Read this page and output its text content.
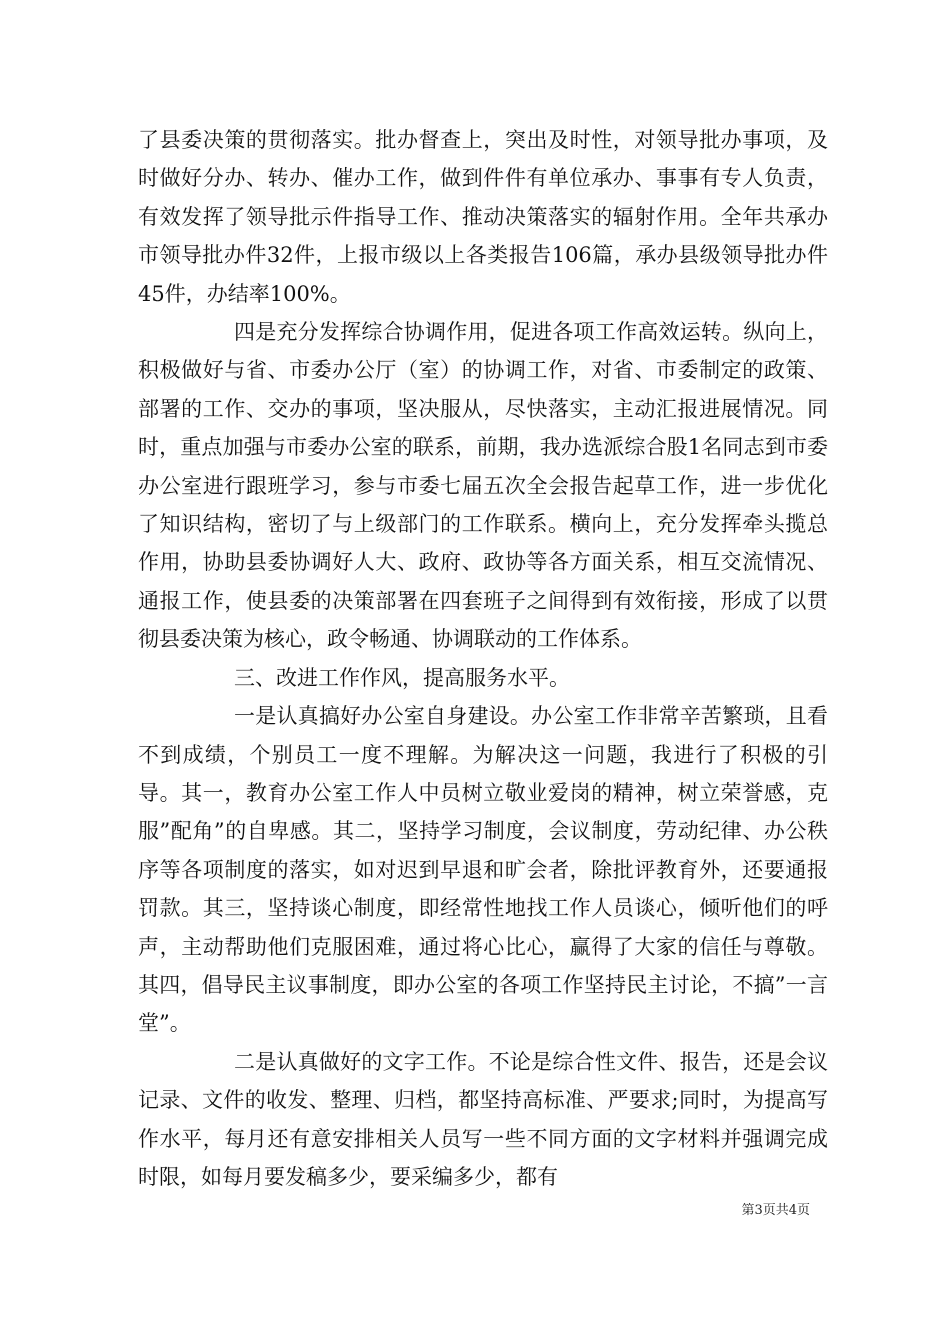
了县委决策的贯彻落实。批办督查上，突出及时性，对领导批办事项，及时做好分办、转办、催办工作，做到件件有单位承办、事事有专人负责，有效发挥了领导批示件指导工作、推动决策落实的辐射作用。全年共承办市领导批办件32件，上报市级以上各类报告106篇，承办县级领导批办件45件，办结率100%。

四是充分发挥综合协调作用，促进各项工作高效运转。纵向上，积极做好与省、市委办公厅（室）的协调工作，对省、市委制定的政策、部署的工作、交办的事项，坚决服从，尽快落实，主动汇报进展情况。同时，重点加强与市委办公室的联系，前期，我办选派综合股1名同志到市委办公室进行跟班学习，参与市委七届五次全会报告起草工作，进一步优化了知识结构，密切了与上级部门的工作联系。横向上，充分发挥牵头揽总作用，协助县委协调好人大、政府、政协等各方面关系，相互交流情况、通报工作，使县委的决策部署在四套班子之间得到有效衔接，形成了以贯彻县委决策为核心，政令畅通、协调联动的工作体系。

三、改进工作作风，提高服务水平。

一是认真搞好办公室自身建设。办公室工作非常辛苦繁琐，且看不到成绩，个别员工一度不理解。为解决这一问题，我进行了积极的引导。其一，教育办公室工作人中员树立敬业爱岗的精神，树立荣誉感，克服”配角”的自卑感。其二，坚持学习制度，会议制度，劳动纪律、办公秩序等各项制度的落实，如对迟到早退和旷会者，除批评教育外，还要通报罚款。其三，坚持谈心制度，即经常性地找工作人员谈心，倾听他们的呼声，主动帮助他们克服困难，通过将心比心，赢得了大家的信任与尊敬。其四，倡导民主议事制度，即办公室的各项工作坚持民主讨论，不搞”一言堂”。

二是认真做好的文字工作。不论是综合性文件、报告，还是会议记录、文件的收发、整理、归档，都坚持高标准、严要求;同时，为提高写作水平，每月还有意安排相关人员写一些不同方面的文字材料并强调完成时限，如每月要发稿多少，要采编多少，都有

第3页共4页
